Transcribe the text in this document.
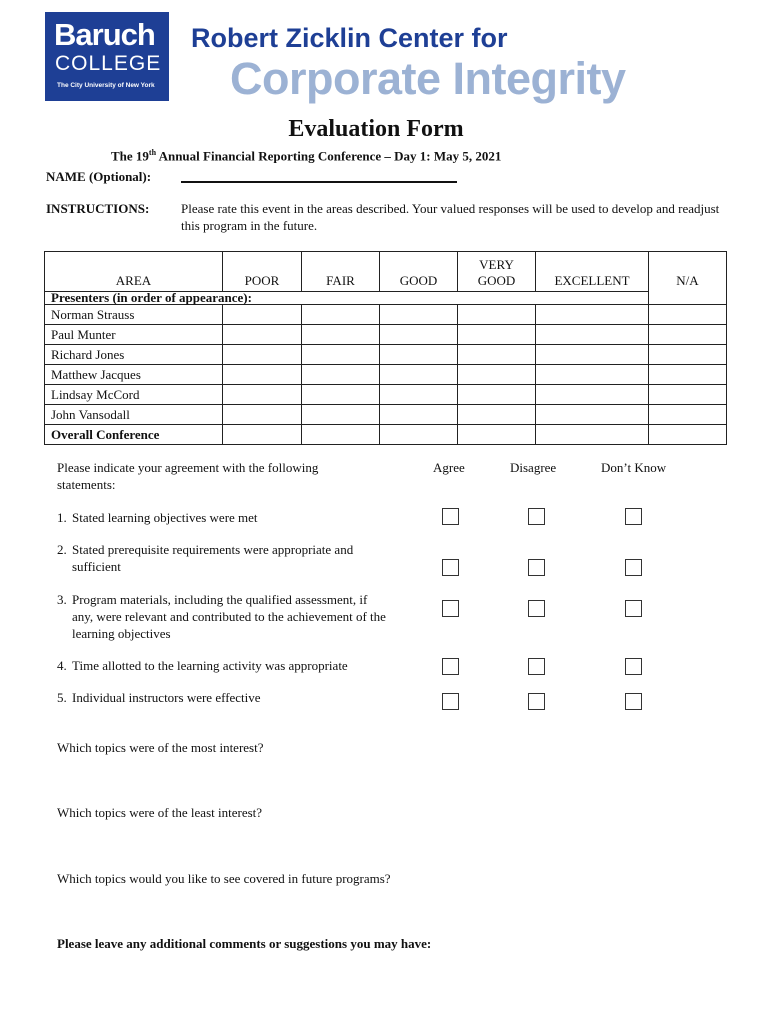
Baruch
COLLEGE
The City University of New York
Robert Zicklin Center for
Corporate Integrity
Evaluation Form
The 19th Annual Financial Reporting Conference – Day 1: May 5, 2021
NAME (Optional):
INSTRUCTIONS: Please rate this event in the areas described. Your valued responses will be used to develop and readjust this program in the future.
AREA	POOR	FAIR	GOOD	VERY GOOD	EXCELLENT	N/A
Presenters (in order of appearance):						
Norman Strauss						
Paul Munter						
Richard Jones						
Matthew Jacques						
Lindsay McCord						
John Vansodall						
Overall Conference						
Please indicate your agreement with the following statements:
Agree	Disagree	Don’t Know
1. Stated learning objectives were met
2. Stated prerequisite requirements were appropriate and sufficient
3. Program materials, including the qualified assessment, if any, were relevant and contributed to the achievement of the learning objectives
4. Time allotted to the learning activity was appropriate
5. Individual instructors were effective
Which topics were of the most interest?
Which topics were of the least interest?
Which topics would you like to see covered in future programs?
Please leave any additional comments or suggestions you may have:
